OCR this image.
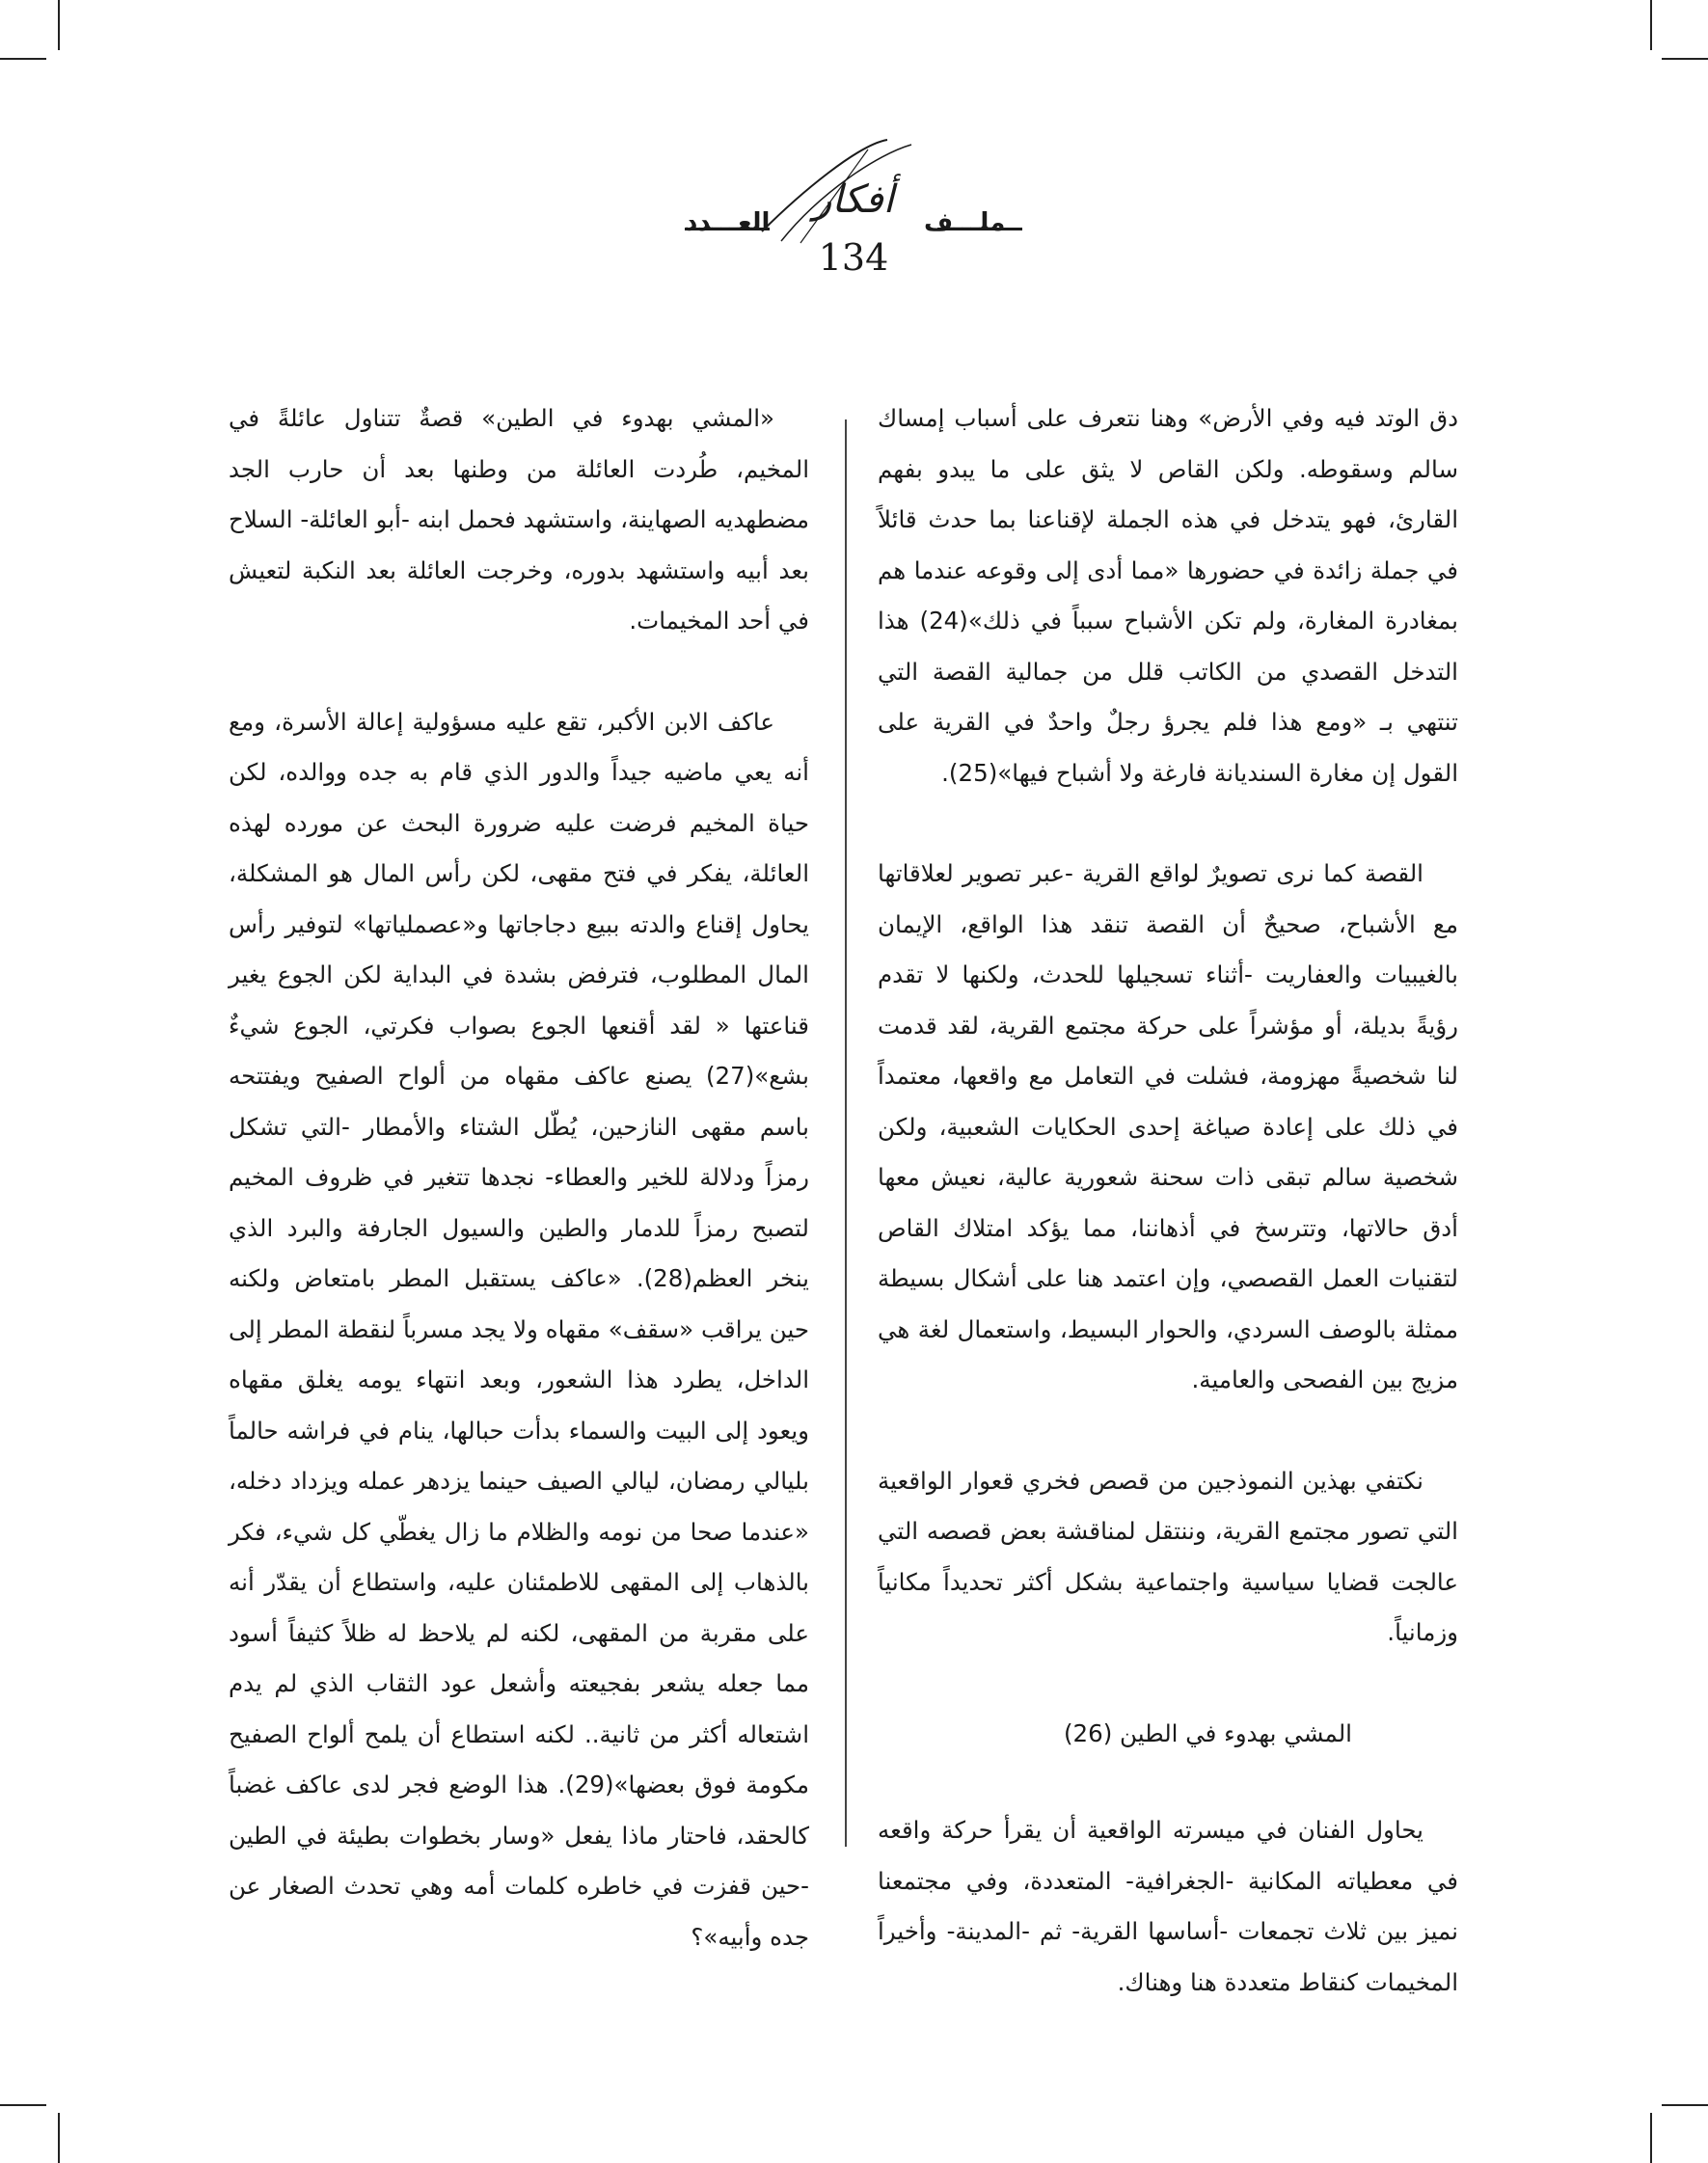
العـــدد	ملـــف
أفكار
134

دق الوتد فيه وفي الأرض» وهنا نتعرف على أسباب إمساك سالم وسقوطه. ولكن القاص لا يثق على ما يبدو بفهم القارئ، فهو يتدخل في هذه الجملة لإقناعنا بما حدث قائلاً في جملة زائدة في حضورها «مما أدى إلى وقوعه عندما هم بمغادرة المغارة، ولم تكن الأشباح سبباً في ذلك»(24) هذا التدخل القصدي من الكاتب قلل من جمالية القصة التي تنتهي بـ «ومع هذا فلم يجرؤ رجلٌ واحدٌ في القرية على القول إن مغارة السنديانة فارغة ولا أشباح فيها»(25).

القصة كما نرى تصويرٌ لواقع القرية -عبر تصوير لعلاقاتها مع الأشباح، صحيحٌ أن القصة تنقد هذا الواقع، الإيمان بالغيبيات والعفاريت -أثناء تسجيلها للحدث، ولكنها لا تقدم رؤيةً بديلة، أو مؤشراً على حركة مجتمع القرية، لقد قدمت لنا شخصيةً مهزومة، فشلت في التعامل مع واقعها، معتمداً في ذلك على إعادة صياغة إحدى الحكايات الشعبية، ولكن شخصية سالم تبقى ذات سحنة شعورية عالية، نعيش معها أدق حالاتها، وتترسخ في أذهاننا، مما يؤكد امتلاك القاص لتقنيات العمل القصصي، وإن اعتمد هنا على أشكال بسيطة ممثلة بالوصف السردي، والحوار البسيط، واستعمال لغة هي مزيج بين الفصحى والعامية.

نكتفي بهذين النموذجين من قصص فخري قعوار الواقعية التي تصور مجتمع القرية، وننتقل لمناقشة بعض قصصه التي عالجت قضايا سياسية واجتماعية بشكل أكثر تحديداً مكانياً وزمانياً.

المشي بهدوء في الطين (26)

يحاول الفنان في ميسرته الواقعية أن يقرأ حركة واقعه في معطياته المكانية -الجغرافية- المتعددة، وفي مجتمعنا نميز بين ثلاث تجمعات -أساسها القرية- ثم -المدينة- وأخيراً المخيمات كنقاط متعددة هنا وهناك.

«المشي بهدوء في الطين» قصةٌ تتناول عائلةً في المخيم، طُردت العائلة من وطنها بعد أن حارب الجد مضطهديه الصهاينة، واستشهد فحمل ابنه -أبو العائلة- السلاح بعد أبيه واستشهد بدوره، وخرجت العائلة بعد النكبة لتعيش في أحد المخيمات.

عاكف الابن الأكبر، تقع عليه مسؤولية إعالة الأسرة، ومع أنه يعي ماضيه جيداً والدور الذي قام به جده ووالده، لكن حياة المخيم فرضت عليه ضرورة البحث عن مورده لهذه العائلة، يفكر في فتح مقهى، لكن رأس المال هو المشكلة، يحاول إقناع والدته ببيع دجاجاتها و«عصملياتها» لتوفير رأس المال المطلوب، فترفض بشدة في البداية لكن الجوع يغير قناعتها « لقد أقنعها الجوع بصواب فكرتي، الجوع شيءٌ بشع»(27) يصنع عاكف مقهاه من ألواح الصفيح ويفتتحه باسم مقهى النازحين، يُطّل الشتاء والأمطار -التي تشكل رمزاً ودلالة للخير والعطاء- نجدها تتغير في ظروف المخيم لتصبح رمزاً للدمار والطين والسيول الجارفة والبرد الذي ينخر العظم(28). «عاكف يستقبل المطر بامتعاض ولكنه حين يراقب «سقف» مقهاه ولا يجد مسرباً لنقطة المطر إلى الداخل، يطرد هذا الشعور، وبعد انتهاء يومه يغلق مقهاه ويعود إلى البيت والسماء بدأت حبالها، ينام في فراشه حالماً بليالي رمضان، ليالي الصيف حينما يزدهر عمله ويزداد دخله، «عندما صحا من نومه والظلام ما زال يغطّي كل شيء، فكر بالذهاب إلى المقهى للاطمئنان عليه، واستطاع أن يقدّر أنه على مقربة من المقهى، لكنه لم يلاحظ له ظلاً كثيفاً أسود مما جعله يشعر بفجيعته وأشعل عود الثقاب الذي لم يدم اشتعاله أكثر من ثانية.. لكنه استطاع أن يلمح ألواح الصفيح مكومة فوق بعضها»(29). هذا الوضع فجر لدى عاكف غضباً كالحقد، فاحتار ماذا يفعل «وسار بخطوات بطيئة في الطين -حين قفزت في خاطره كلمات أمه وهي تحدث الصغار عن جده وأبيه»؟
